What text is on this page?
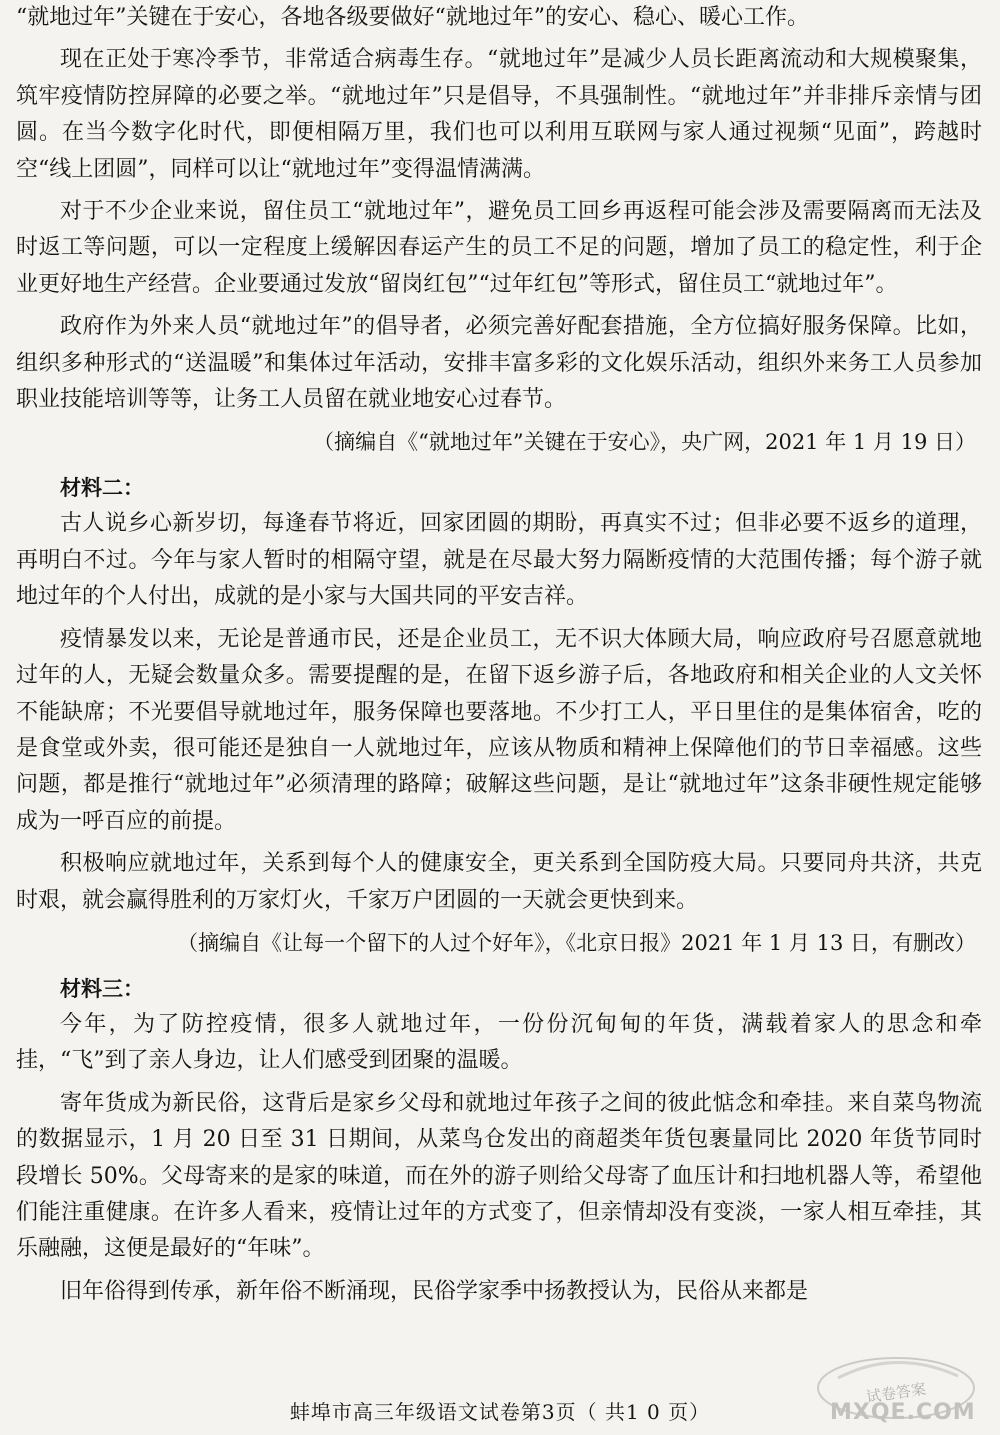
“就地过年”关键在于安心，各地各级要做好“就地过年”的安心、稳心、暖心工作。

现在正处于寒冷季节，非常适合病毒生存。“就地过年”是减少人员长距离流动和大规模聚集，筑牢疫情防控屏障的必要之举。“就地过年”只是倡导，不具强制性。“就地过年”并非排斥亲情与团圆。在当今数字化时代，即便相隔万里，我们也可以利用互联网与家人通过视频“见面”，跨越时空“线上团圆”，同样可以让“就地过年”变得温情满满。

对于不少企业来说，留住员工“就地过年”，避免员工回乡再返程可能会涉及需要隔离而无法及时返工等问题，可以一定程度上缓解因春运产生的员工不足的问题，增加了员工的稳定性，利于企业更好地生产经营。企业要通过发放“留岗红包”“过年红包”等形式，留住员工“就地过年”。

政府作为外来人员“就地过年”的倡导者，必须完善好配套措施，全方位搞好服务保障。比如，组织多种形式的“送温暖”和集体过年活动，安排丰富多彩的文化娱乐活动，组织外来务工人员参加职业技能培训等等，让务工人员留在就业地安心过春节。

（摘编自《“就地过年”关键在于安心》，央广网，2021 年 1 月 19 日）

材料二：

古人说乡心新岁切，每逢春节将近，回家团圆的期盼，再真实不过；但非必要不返乡的道理，再明白不过。今年与家人暂时的相隔守望，就是在尽最大努力隔断疫情的大范围传播；每个游子就地过年的个人付出，成就的是小家与大国共同的平安吉祥。

疫情暴发以来，无论是普通市民，还是企业员工，无不识大体顾大局，响应政府号召愿意就地过年的人，无疑会数量众多。需要提醒的是，在留下返乡游子后，各地政府和相关企业的人文关怀不能缺席；不光要倡导就地过年，服务保障也要落地。不少打工人，平日里住的是集体宿舍，吃的是食堂或外卖，很可能还是独自一人就地过年，应该从物质和精神上保障他们的节日幸福感。这些问题，都是推行“就地过年”必须清理的路障；破解这些问题，是让“就地过年”这条非硬性规定能够成为一呼百应的前提。

积极响应就地过年，关系到每个人的健康安全，更关系到全国防疫大局。只要同舟共济，共克时艰，就会赢得胜利的万家灯火，千家万户团圆的一天就会更快到来。

（摘编自《让每一个留下的人过个好年》，《北京日报》2021 年 1 月 13 日，有删改）

材料三：

今年，为了防控疫情，很多人就地过年，一份份沉甸甸的年货，满载着家人的思念和牵挂，“飞”到了亲人身边，让人们感受到团聚的温暖。

寄年货成为新民俗，这背后是家乡父母和就地过年孩子之间的彼此惦念和牵挂。来自菜鸟物流的数据显示，1 月 20 日至 31 日期间，从菜鸟仓发出的商超类年货包裹量同比 2020 年货节同时段增长 50%。父母寄来的是家的味道，而在外的游子则给父母寄了血压计和扫地机器人等，希望他们能注重健康。在许多人看来，疫情让过年的方式变了，但亲情却没有变淡，一家人相互牵挂，其乐融融，这便是最好的“年味”。

旧年俗得到传承，新年俗不断涌现，民俗学家季中扬教授认为，民俗从来都是

蚌埠市高三年级语文试卷第3页（ 共1 0 页）
试卷答案
MXQE.COM
